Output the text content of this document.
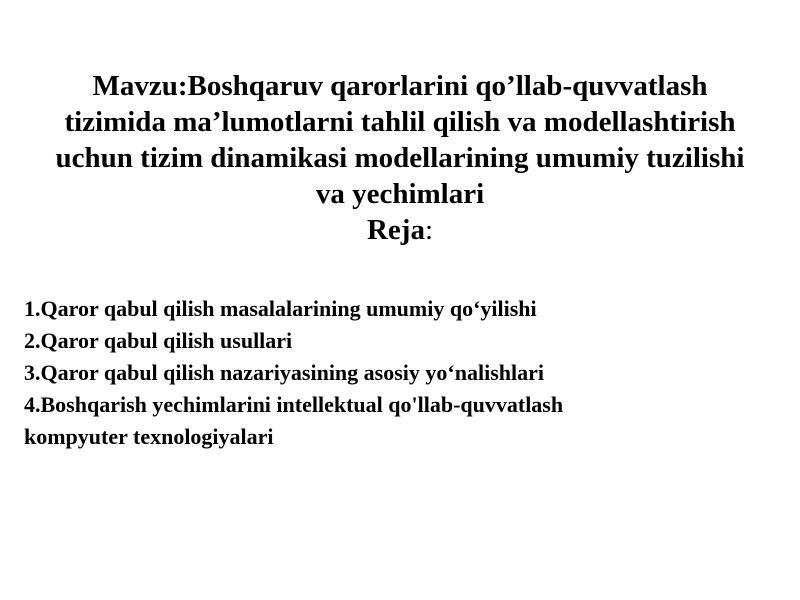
Mavzu:Boshqaruv qarorlarini qo’llab-quvvatlash
tizimida ma’lumotlarni tahlil qilish va modellashtirish
uchun tizim dinamikasi modellarining umumiy tuzilishi
va yechimlari
Reja:
1.Qaror qabul qilish masalalarining umumiy qo‘yilishi
2.Qaror qabul qilish usullari
3.Qaror qabul qilish nazariyasining asosiy yo‘nalishlari
4.Boshqarish yechimlarini intellektual qo'llab-quvvatlash
kompyuter texnologiyalari
